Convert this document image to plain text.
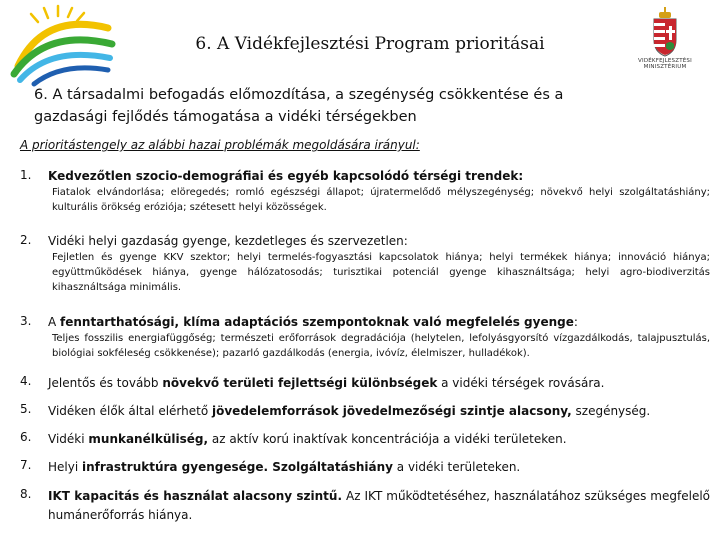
VIDÉKFEJLESZTÉSI MINISZTÉRIUM
6. A Vidékfejlesztési Program prioritásai
6. A társadalmi befogadás előmozdítása, a szegénység csökkentése és a
gazdasági fejlődés támogatása a vidéki térségekben
A prioritástengely az alábbi hazai problémák megoldására irányul:
1. Kedvezőtlen szocio-demográfiai és egyéb kapcsolódó térségi trendek:
Fiatalok elvándorlása; elöregedés; romló egészségi állapot; újratermelődő mélyszegénység; növekvő helyi szolgáltatáshiány; kulturális örökség eróziója; szétesett helyi közösségek.
2. Vidéki helyi gazdaság gyenge, kezdetleges és szervezetlen:
Fejletlen és gyenge KKV szektor; helyi termelés-fogyasztási kapcsolatok hiánya; helyi termékek hiánya; innováció hiánya; együttműködések hiánya, gyenge hálózatosodás; turisztikai potenciál gyenge kihasználtsága; helyi agro-biodiverzitás kihasználtsága minimális.
3. A fenntarthatósági, klíma adaptációs szempontoknak való megfelelés gyenge:
Teljes fosszilis energiafüggőség; természeti erőforrások degradációja (helytelen, lefolyásgyorsító vízgazdálkodás, talajpusztulás, biológiai sokféleség csökkenése); pazarló gazdálkodás (energia, ivóvíz, élelmiszer, hulladékok).
4. Jelentős és tovább növekvő területi fejlettségi különbségek a vidéki térségek rovására.
5. Vidéken élők által elérhető jövedelemforrások jövedelmezőségi szintje alacsony, szegénység.
6. Vidéki munkanélküliség, az aktív korú inaktívak koncentrációja a vidéki területeken.
7. Helyi infrastruktúra gyengesége. Szolgáltatáshiány a vidéki területeken.
8. IKT kapacitás és használat alacsony szintű. Az IKT működtetéséhez, használatához szükséges megfelelő humánerőforrás hiánya.
